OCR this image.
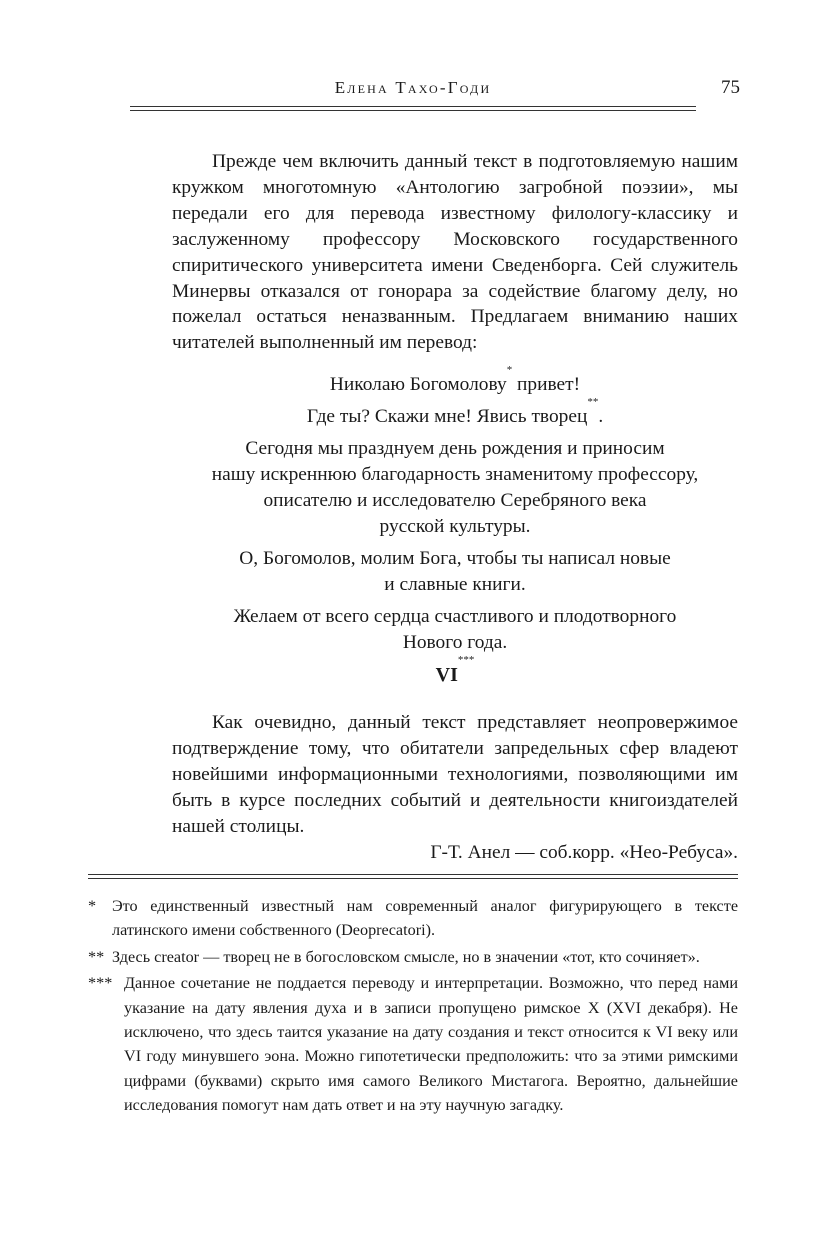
Елена Тахо-Годи	75

Прежде чем включить данный текст в подготовляемую нашим кружком многотомную «Антологию загробной поэзии», мы передали его для перевода известному филологу-классику и заслуженному профессору Московского государственного спиритического университета имени Сведенборга. Сей служитель Минервы отказался от гонорара за содействие благому делу, но пожелал остаться неназванным. Предлагаем вниманию наших читателей выполненный им перевод:

Николаю Богомолову* привет!
Где ты? Скажи мне! Явись творец**.
Сегодня мы празднуем день рождения и приносим
нашу искреннюю благодарность знаменитому профессору,
описателю и исследователю Серебряного века
русской культуры.
О, Богомолов, молим Бога, чтобы ты написал новые
и славные книги.
Желаем от всего сердца счастливого и плодотворного
Нового года.
VI***

Как очевидно, данный текст представляет неопровержимое подтверждение тому, что обитатели запредельных сфер владеют новейшими информационными технологиями, позволяющими им быть в курсе последних событий и деятельности книгоиздателей нашей столицы.

Г-Т. Анел — соб.корр. «Нео-Ребуса».
* Это единственный известный нам современный аналог фигурирующего в тексте латинского имени собственного (Deoprecatori).
** Здесь creator — творец не в богословском смысле, но в значении «тот, кто сочиняет».
*** Данное сочетание не поддается переводу и интерпретации. Возможно, что перед нами указание на дату явления духа и в записи пропущено римское X (XVI декабря). Не исключено, что здесь таится указание на дату создания и текст относится к VI веку или VI году минувшего эона. Можно гипотетически предположить: что за этими римскими цифрами (буквами) скрыто имя самого Великого Мистагога. Вероятно, дальнейшие исследования помогут нам дать ответ и на эту научную загадку.
